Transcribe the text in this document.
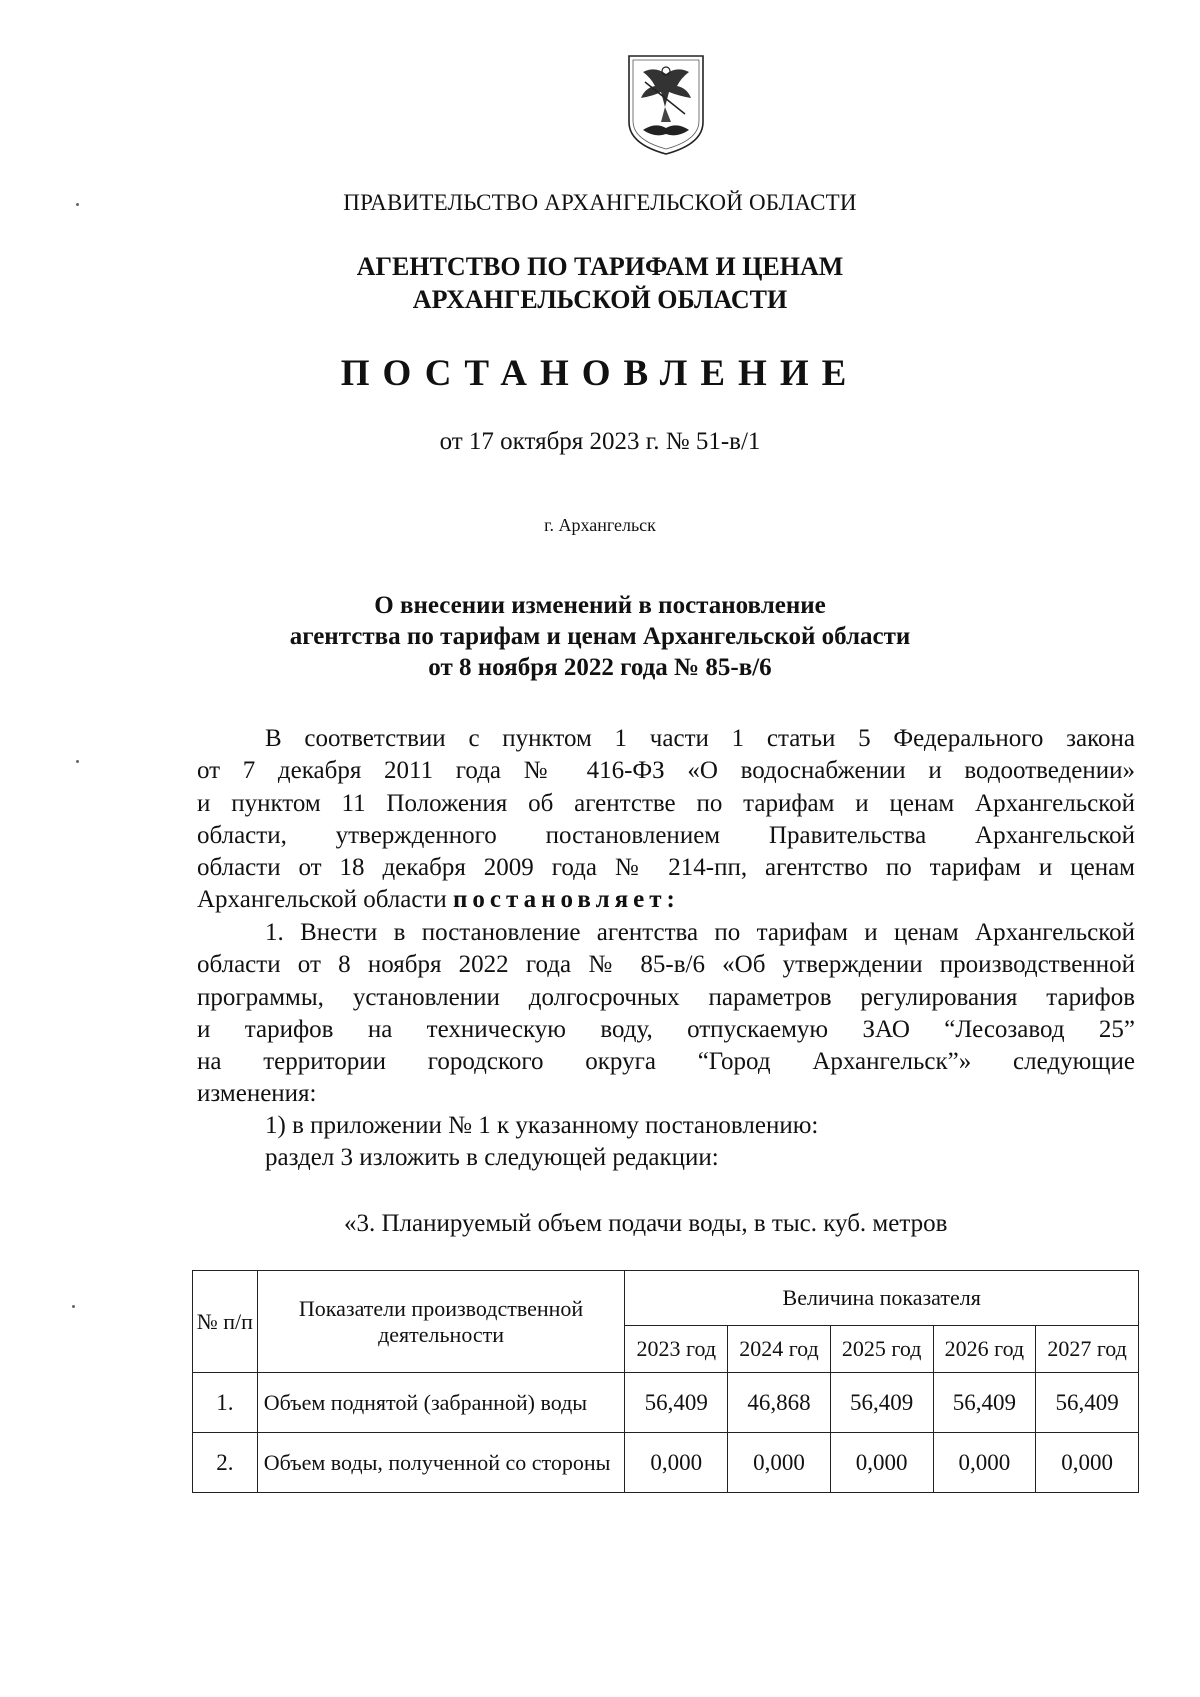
ПРАВИТЕЛЬСТВО АРХАНГЕЛЬСКОЙ ОБЛАСТИ
АГЕНТСТВО ПО ТАРИФАМ И ЦЕНАМ
АРХАНГЕЛЬСКОЙ ОБЛАСТИ
ПОСТАНОВЛЕНИЕ
от 17 октября 2023 г. № 51-в/1
г. Архангельск
О внесении изменений в постановление
агентства по тарифам и ценам Архангельской области
от 8 ноября 2022 года № 85-в/6
В соответствии с пунктом 1 части 1 статьи 5 Федерального закона
от 7 декабря 2011 года № 416-ФЗ «О водоснабжении и водоотведении»
и пунктом 11 Положения об агентстве по тарифам и ценам Архангельской
области, утвержденного постановлением Правительства Архангельской
области от 18 декабря 2009 года № 214-пп, агентство по тарифам и ценам
Архангельской области постановляет:
1. Внести в постановление агентства по тарифам и ценам Архангельской
области от 8 ноября 2022 года № 85-в/6 «Об утверждении производственной
программы, установлении долгосрочных параметров регулирования тарифов
и тарифов на техническую воду, отпускаемую ЗАО “Лесозавод 25”
на территории городского округа “Город Архангельск”» следующие
изменения:
1) в приложении № 1 к указанному постановлению:
раздел 3 изложить в следующей редакции:
«3. Планируемый объем подачи воды, в тыс. куб. метров
№ п/п	Показатели производственной деятельности	Величина показателя				
		2023 год	2024 год	2025 год	2026 год	2027 год
1.	Объем поднятой (забранной) воды	56,409	46,868	56,409	56,409	56,409
2.	Объем воды, полученной со стороны	0,000	0,000	0,000	0,000	0,000
